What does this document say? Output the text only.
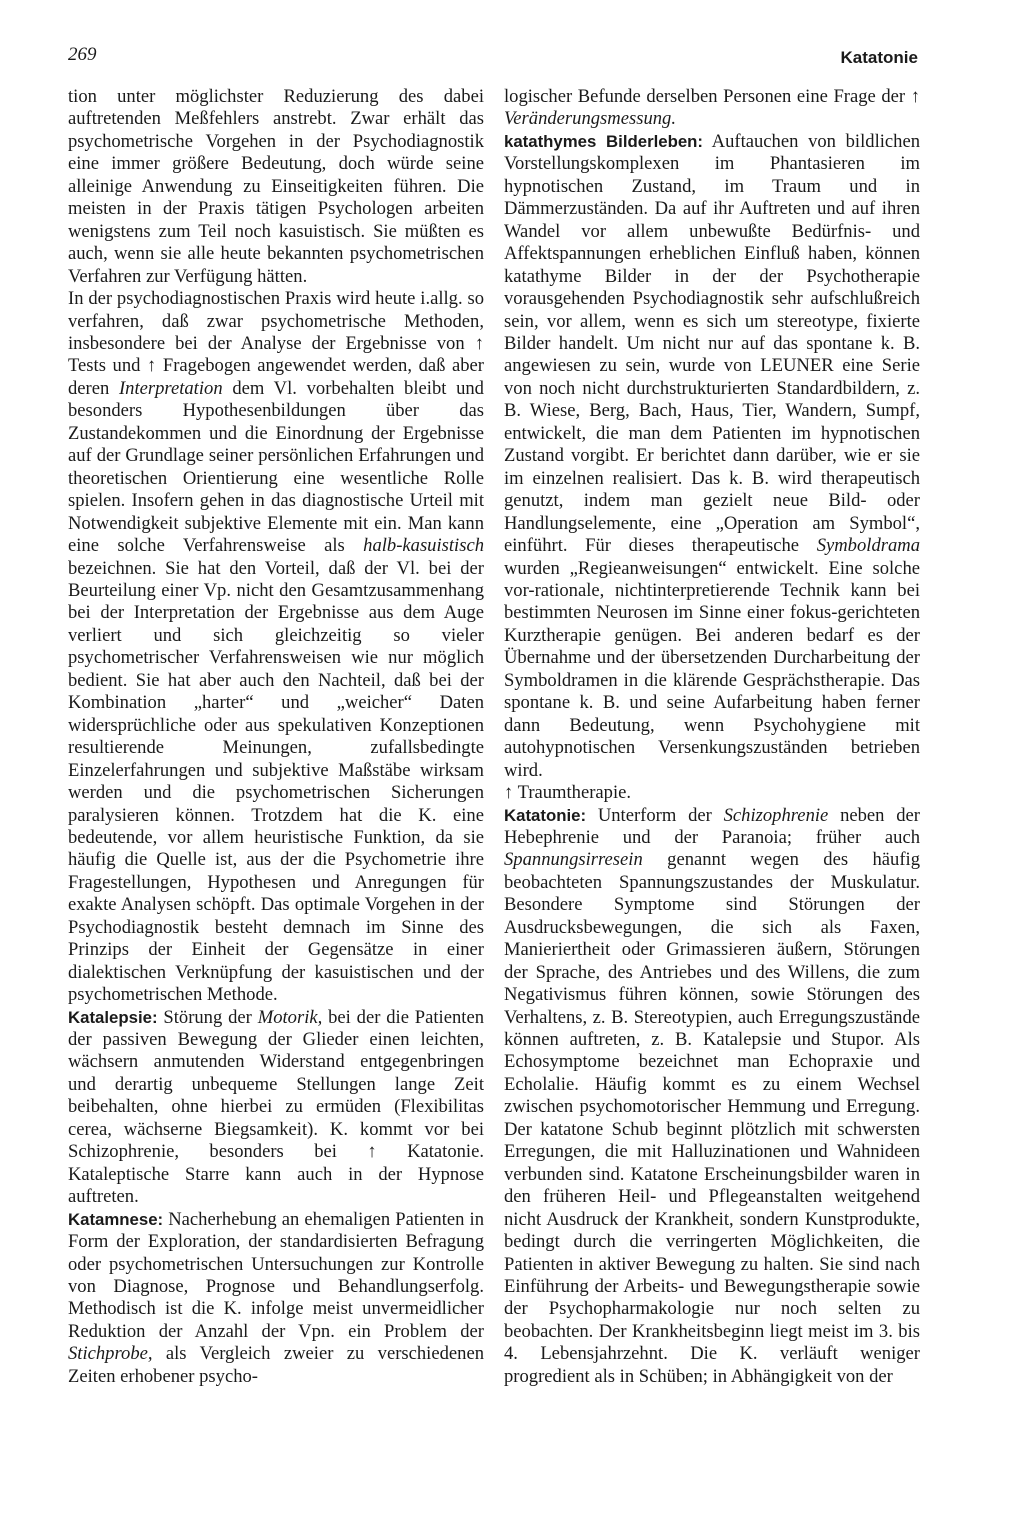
269	Katatonie

tion unter möglichster Reduzierung des dabei auftretenden Meßfehlers anstrebt. Zwar erhält das psychometrische Vorgehen in der Psychodiagnostik eine immer größere Bedeutung, doch würde seine alleinige Anwendung zu Einseitigkeiten führen. Die meisten in der Praxis tätigen Psychologen arbeiten wenigstens zum Teil noch kasuistisch. Sie müßten es auch, wenn sie alle heute bekannten psychometrischen Verfahren zur Verfügung hätten.

In der psychodiagnostischen Praxis wird heute i.allg. so verfahren, daß zwar psychometrische Methoden, insbesondere bei der Analyse der Ergebnisse von ↑ Tests und ↑ Fragebogen angewendet werden, daß aber deren Interpretation dem Vl. vorbehalten bleibt und besonders Hypothesenbildungen über das Zustandekommen und die Einordnung der Ergebnisse auf der Grundlage seiner persönlichen Erfahrungen und theoretischen Orientierung eine wesentliche Rolle spielen. Insofern gehen in das diagnostische Urteil mit Notwendigkeit subjektive Elemente mit ein. Man kann eine solche Verfahrensweise als halb-kasuistisch bezeichnen. Sie hat den Vorteil, daß der Vl. bei der Beurteilung einer Vp. nicht den Gesamtzusammenhang bei der Interpretation der Ergebnisse aus dem Auge verliert und sich gleichzeitig so vieler psychometrischer Verfahrensweisen wie nur möglich bedient. Sie hat aber auch den Nachteil, daß bei der Kombination „harter“ und „weicher“ Daten widersprüchliche oder aus spekulativen Konzeptionen resultierende Meinungen, zufallsbedingte Einzelerfahrungen und subjektive Maßstäbe wirksam werden und die psychometrischen Sicherungen paralysieren können. Trotzdem hat die K. eine bedeutende, vor allem heuristische Funktion, da sie häufig die Quelle ist, aus der die Psychometrie ihre Fragestellungen, Hypothesen und Anregungen für exakte Analysen schöpft. Das optimale Vorgehen in der Psychodiagnostik besteht demnach im Sinne des Prinzips der Einheit der Gegensätze in einer dialektischen Verknüpfung der kasuistischen und der psychometrischen Methode.

Katalepsie: Störung der Motorik, bei der die Patienten der passiven Bewegung der Glieder einen leichten, wächsern anmutenden Widerstand entgegenbringen und derartig unbequeme Stellungen lange Zeit beibehalten, ohne hierbei zu ermüden (Flexibilitas cerea, wächserne Biegsamkeit). K. kommt vor bei Schizophrenie, besonders bei ↑ Katatonie. Kataleptische Starre kann auch in der Hypnose auftreten.

Katamnese: Nacherhebung an ehemaligen Patienten in Form der Exploration, der standardisierten Befragung oder psychometrischen Untersuchungen zur Kontrolle von Diagnose, Prognose und Behandlungserfolg. Methodisch ist die K. infolge meist unvermeidlicher Reduktion der Anzahl der Vpn. ein Problem der Stichprobe, als Vergleich zweier zu verschiedenen Zeiten erhobener psycho-

logischer Befunde derselben Personen eine Frage der ↑ Veränderungsmessung.

katathymes Bilderleben: Auftauchen von bildlichen Vorstellungskomplexen im Phantasieren im hypnotischen Zustand, im Traum und in Dämmerzuständen. Da auf ihr Auftreten und auf ihren Wandel vor allem unbewußte Bedürfnis- und Affektspannungen erheblichen Einfluß haben, können katathyme Bilder in der der Psychotherapie vorausgehenden Psychodiagnostik sehr aufschlußreich sein, vor allem, wenn es sich um stereotype, fixierte Bilder handelt. Um nicht nur auf das spontane k. B. angewiesen zu sein, wurde von LEUNER eine Serie von noch nicht durchstrukturierten Standardbildern, z. B. Wiese, Berg, Bach, Haus, Tier, Wandern, Sumpf, entwickelt, die man dem Patienten im hypnotischen Zustand vorgibt. Er berichtet dann darüber, wie er sie im einzelnen realisiert. Das k. B. wird therapeutisch genutzt, indem man gezielt neue Bild- oder Handlungselemente, eine „Operation am Symbol“, einführt. Für dieses therapeutische Symboldrama wurden „Regieanweisungen“ entwickelt. Eine solche vor-rationale, nichtinterpretierende Technik kann bei bestimmten Neurosen im Sinne einer fokus-gerichteten Kurztherapie genügen. Bei anderen bedarf es der Übernahme und der übersetzenden Durcharbeitung der Symboldramen in die klärende Gesprächstherapie. Das spontane k. B. und seine Aufarbeitung haben ferner dann Bedeutung, wenn Psychohygiene mit autohypnotischen Versenkungszuständen betrieben wird.

↑ Traumtherapie.

Katatonie: Unterform der Schizophrenie neben der Hebephrenie und der Paranoia; früher auch Spannungsirresein genannt wegen des häufig beobachteten Spannungszustandes der Muskulatur. Besondere Symptome sind Störungen der Ausdrucksbewegungen, die sich als Faxen, Manieriertheit oder Grimassieren äußern, Störungen der Sprache, des Antriebes und des Willens, die zum Negativismus führen können, sowie Störungen des Verhaltens, z. B. Stereotypien, auch Erregungszustände können auftreten, z. B. Katalepsie und Stupor. Als Echosymptome bezeichnet man Echopraxie und Echolalie. Häufig kommt es zu einem Wechsel zwischen psychomotorischer Hemmung und Erregung. Der katatone Schub beginnt plötzlich mit schwersten Erregungen, die mit Halluzinationen und Wahnideen verbunden sind. Katatone Erscheinungsbilder waren in den früheren Heil- und Pflegeanstalten weitgehend nicht Ausdruck der Krankheit, sondern Kunstprodukte, bedingt durch die verringerten Möglichkeiten, die Patienten in aktiver Bewegung zu halten. Sie sind nach Einführung der Arbeits- und Bewegungstherapie sowie der Psychopharmakologie nur noch selten zu beobachten. Der Krankheitsbeginn liegt meist im 3. bis 4. Lebensjahrzehnt. Die K. verläuft weniger progredient als in Schüben; in Abhängigkeit von der
